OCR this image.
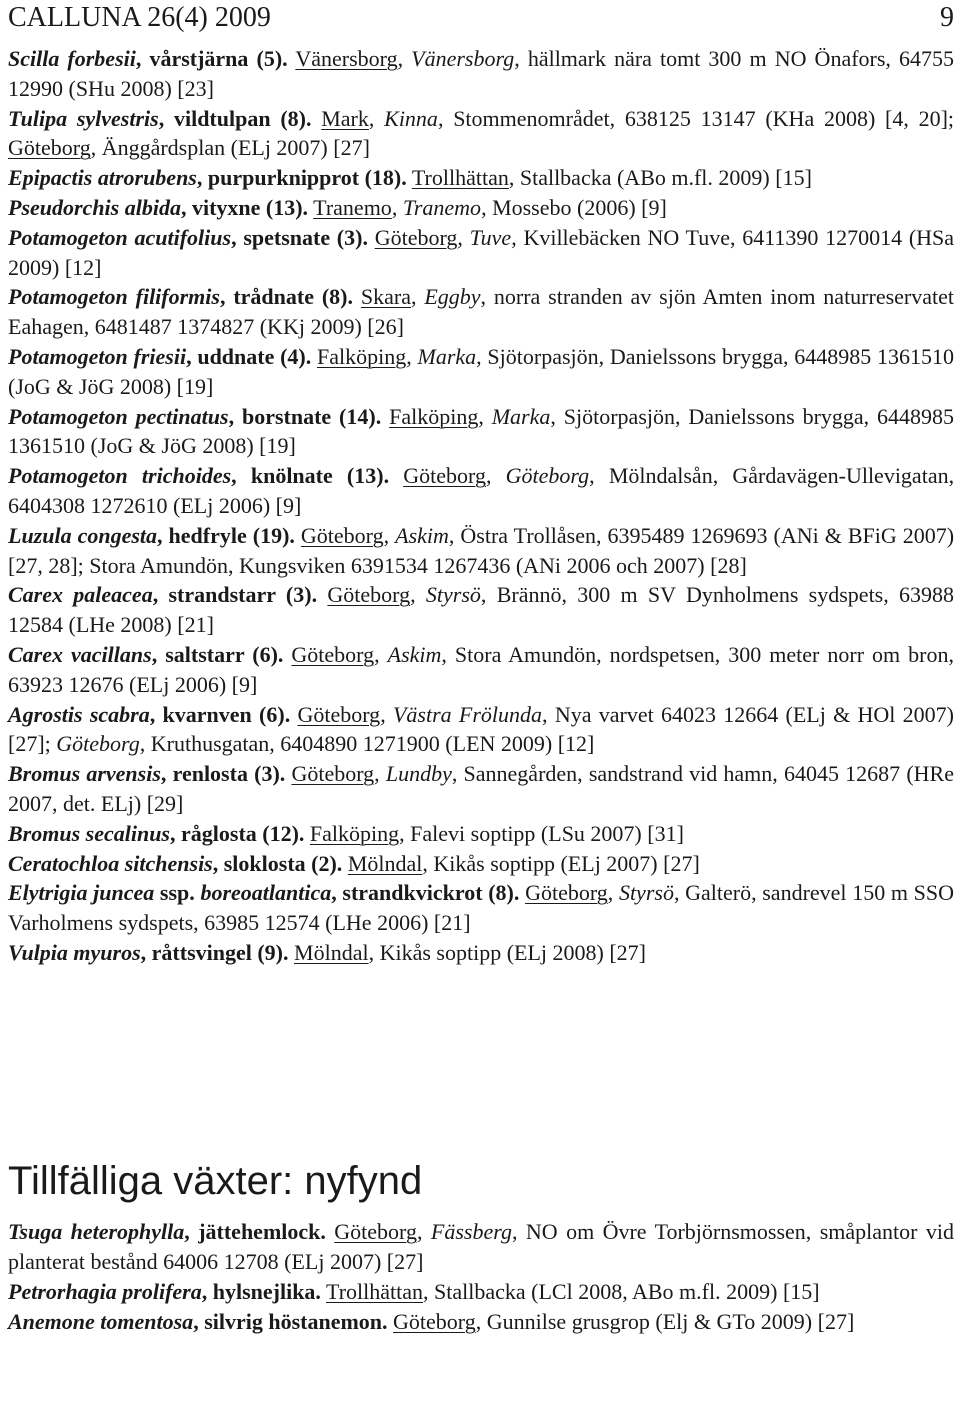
CALLUNA 26(4) 2009	9

Scilla forbesii, vårstjärna (5). Vänersborg, Vänersborg, hällmark nära tomt 300 m NO Önafors, 64755 12990 (SHu 2008) [23]

Tulipa sylvestris, vildtulpan (8). Mark, Kinna, Stommenområdet, 638125 13147 (KHa 2008) [4, 20]; Göteborg, Änggårdsplan (ELj 2007) [27]

Epipactis atrorubens, purpurknipprot (18). Trollhättan, Stallbacka (ABo m.fl. 2009) [15]

Pseudorchis albida, vityxne (13). Tranemo, Tranemo, Mossebo (2006) [9]

Potamogeton acutifolius, spetsnate (3). Göteborg, Tuve, Kvillebäcken NO Tuve, 6411390 1270014 (HSa 2009) [12]

Potamogeton filiformis, trådnate (8). Skara, Eggby, norra stranden av sjön Amten inom naturreservatet Eahagen, 6481487 1374827 (KKj 2009) [26]

Potamogeton friesii, uddnate (4). Falköping, Marka, Sjötorpasjön, Danielssons brygga, 6448985 1361510 (JoG & JöG 2008) [19]

Potamogeton pectinatus, borstnate (14). Falköping, Marka, Sjötorpasjön, Danielssons brygga, 6448985 1361510 (JoG & JöG 2008) [19]

Potamogeton trichoides, knölnate (13). Göteborg, Göteborg, Mölndalsån, Gårdavägen-Ullevigatan, 6404308 1272610 (ELj 2006) [9]

Luzula congesta, hedfryle (19). Göteborg, Askim, Östra Trollåsen, 6395489 1269693 (ANi & BFiG 2007) [27, 28]; Stora Amundön, Kungsviken 6391534 1267436 (ANi 2006 och 2007) [28]

Carex paleacea, strandstarr (3). Göteborg, Styrsö, Brännö, 300 m SV Dynholmens sydspets, 63988 12584 (LHe 2008) [21]

Carex vacillans, saltstarr (6). Göteborg, Askim, Stora Amundön, nordspetsen, 300 meter norr om bron, 63923 12676 (ELj 2006) [9]

Agrostis scabra, kvarnven (6). Göteborg, Västra Frölunda, Nya varvet 64023 12664 (ELj & HOl 2007) [27]; Göteborg, Kruthusgatan, 6404890 1271900 (LEN 2009) [12]

Bromus arvensis, renlosta (3). Göteborg, Lundby, Sannegården, sandstrand vid hamn, 64045 12687 (HRe 2007, det. ELj) [29]

Bromus secalinus, råglosta (12). Falköping, Falevi soptipp (LSu 2007) [31]

Ceratochloa sitchensis, sloklosta (2). Mölndal, Kikås soptipp (ELj 2007) [27]

Elytrigia juncea ssp. boreoatlantica, strandkvickrot (8). Göteborg, Styrsö, Galterö, sandrevel 150 m SSO Varholmens sydspets, 63985 12574 (LHe 2006) [21]

Vulpia myuros, råttsvingel (9). Mölndal, Kikås soptipp (ELj 2008) [27]

Tillfälliga växter: nyfynd

Tsuga heterophylla, jättehemlock. Göteborg, Fässberg, NO om Övre Torbjörnsmossen, småplantor vid planterat bestånd 64006 12708 (ELj 2007) [27]

Petrorhagia prolifera, hylsnejlika. Trollhättan, Stallbacka (LCl 2008, ABo m.fl. 2009) [15]

Anemone tomentosa, silvrig höstanemon. Göteborg, Gunnilse grusgrop (Elj & GTo 2009) [27]
